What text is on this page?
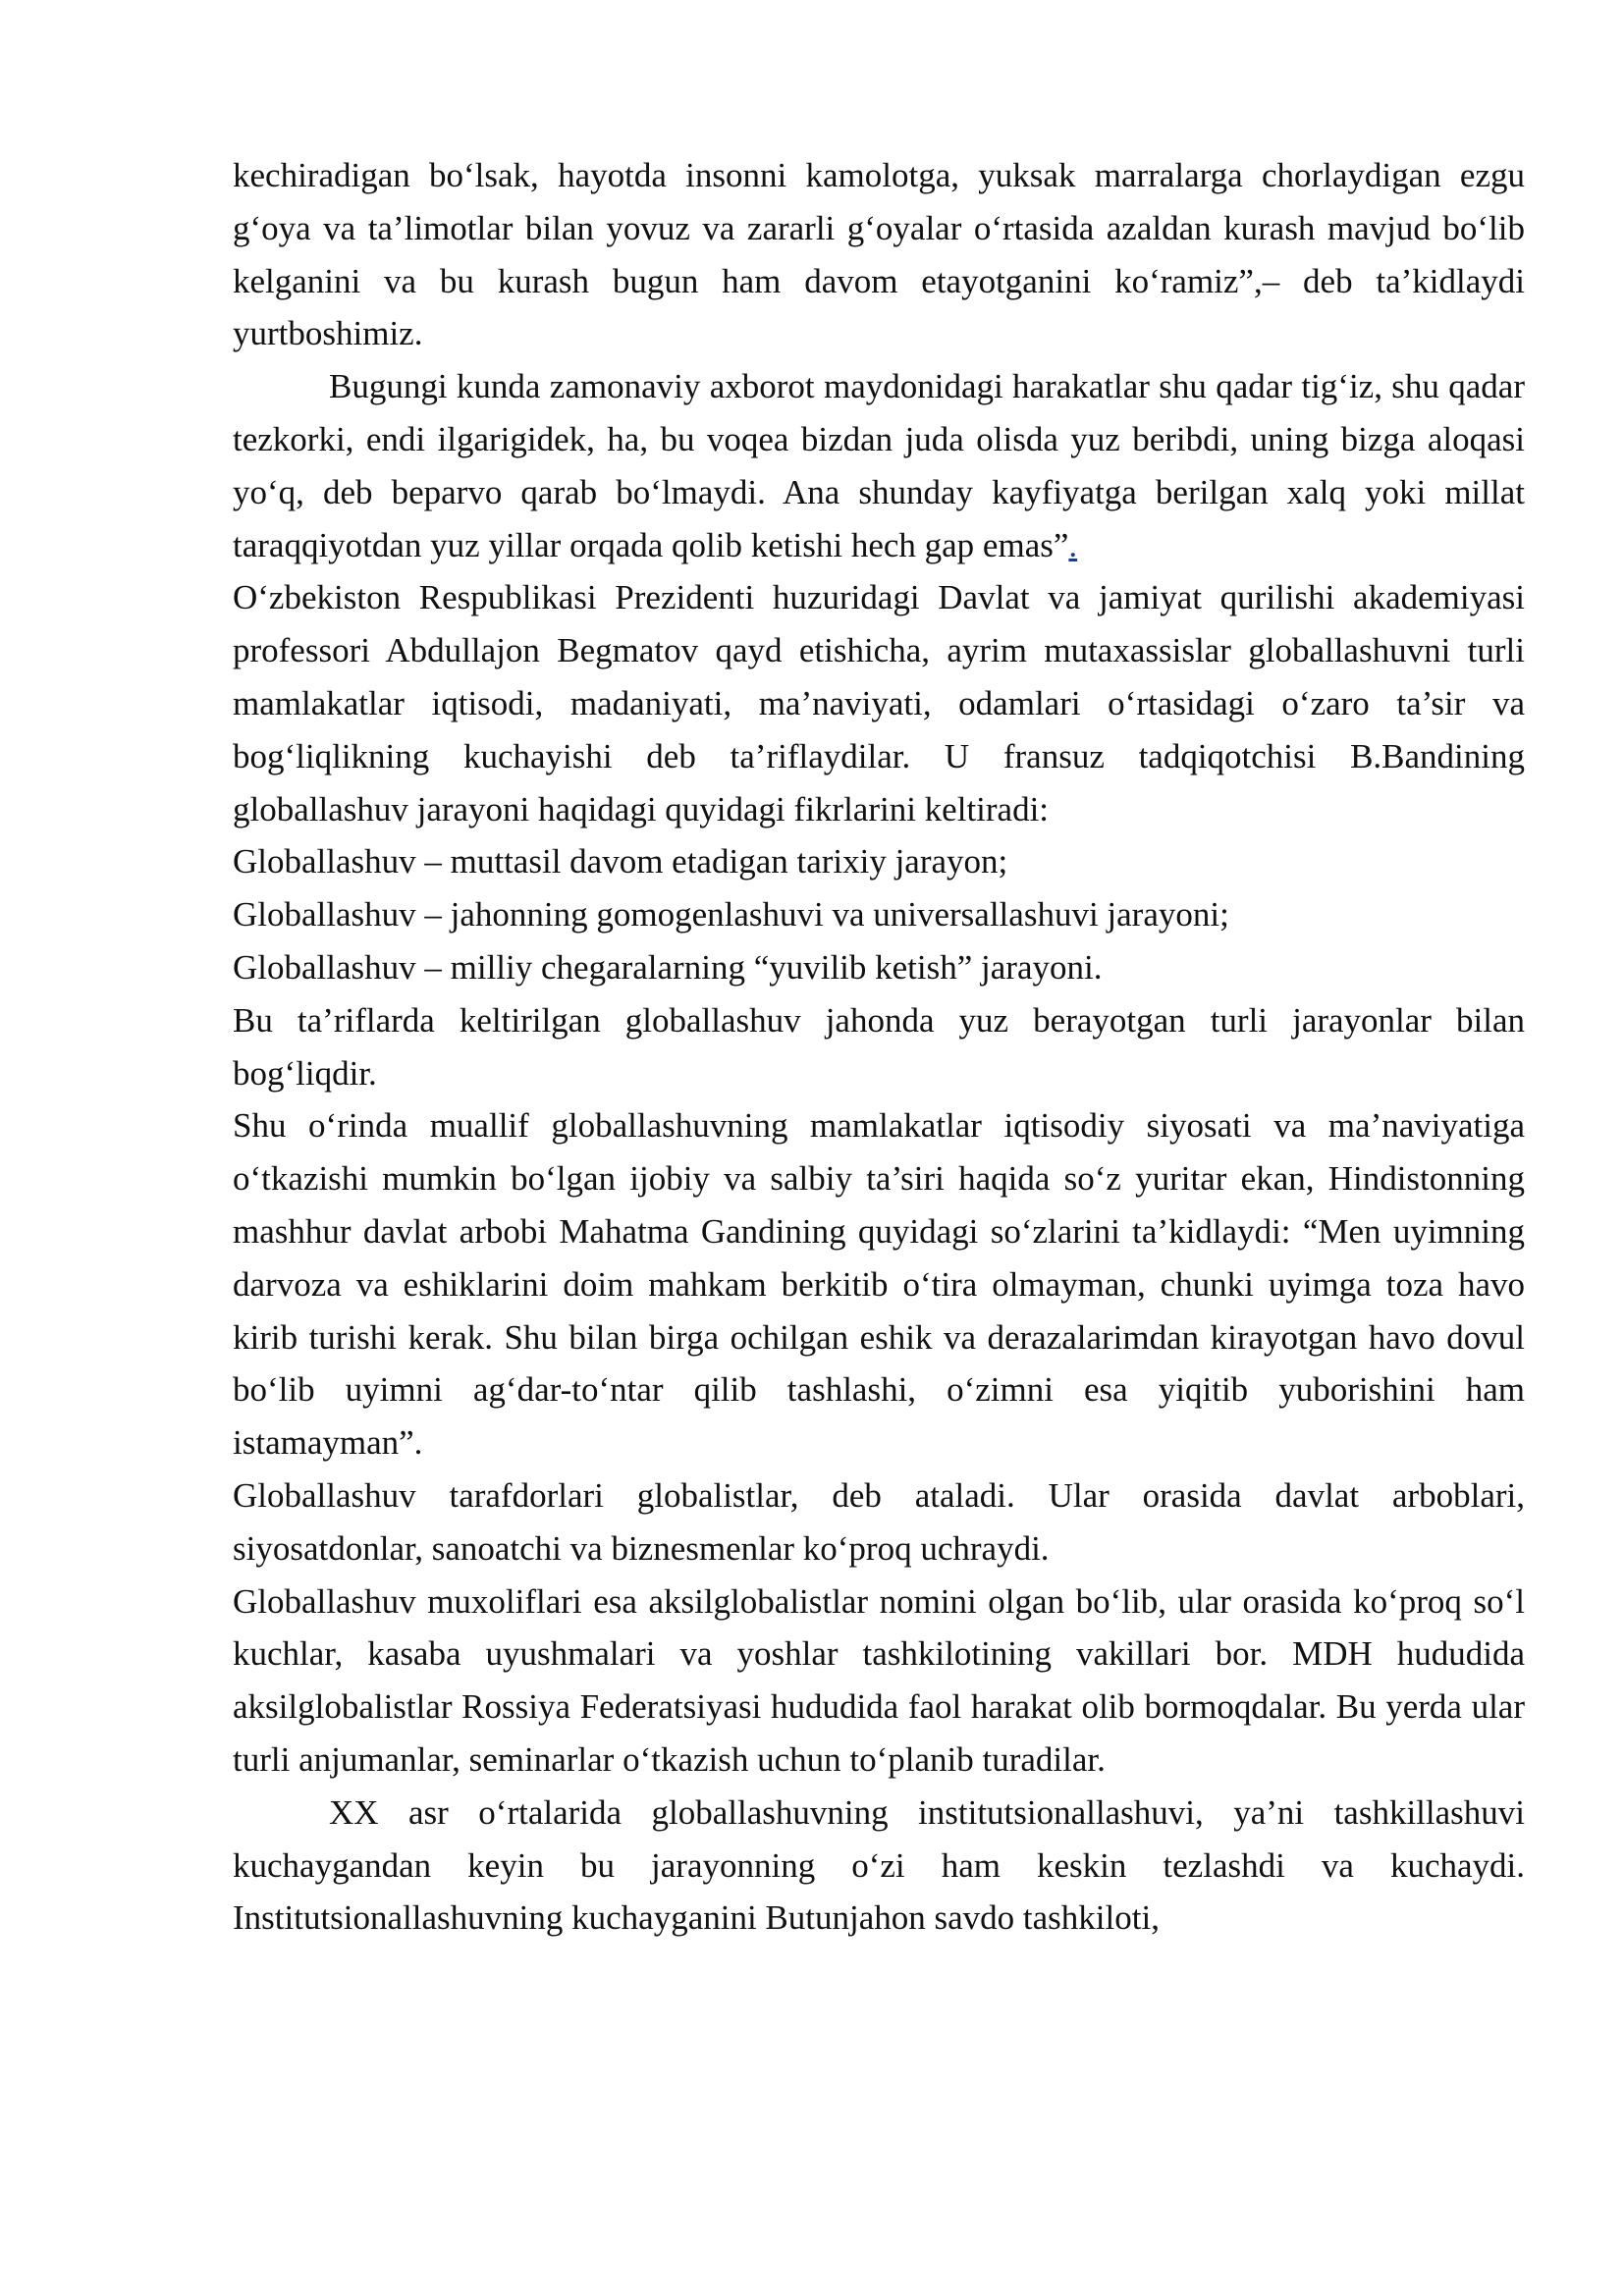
kechiradigan bo‘lsak, hayotda insonni kamolotga, yuksak marralarga chorlaydigan ezgu g‘oya va ta’limotlar bilan yovuz va zararli g‘oyalar o‘rtasida azaldan kurash mavjud bo‘lib kelganini va bu kurash bugun ham davom etayotganini ko‘ramiz”,– deb ta’kidlaydi yurtboshimiz.

Bugungi kunda zamonaviy axborot maydonidagi harakatlar shu qadar tig‘iz, shu qadar tezkorki, endi ilgarigidek, ha, bu voqea bizdan juda olisda yuz beribdi, uning bizga aloqasi yo‘q, deb beparvo qarab bo‘lmaydi. Ana shunday kayfiyatga berilgan xalq yoki millat taraqqiyotdan yuz yillar orqada qolib ketishi hech gap emas”.

O‘zbekiston Respublikasi Prezidenti huzuridagi Davlat va jamiyat qurilishi akademiyasi professori Abdullajon Begmatov qayd etishicha, ayrim mutaxassislar globallashuvni turli mamlakatlar iqtisodi, madaniyati, ma’naviyati, odamlari o‘rtasidagi o‘zaro ta’sir va bog‘liqlikning kuchayishi deb ta’riflaydilar. U fransuz tadqiqotchisi B.Bandining globallashuv jarayoni haqidagi quyidagi fikrlarini keltiradi:

Globallashuv – muttasil davom etadigan tarixiy jarayon;

Globallashuv – jahonning gomogenlashuvi va universallashuvi jarayoni;

Globallashuv – milliy chegaralarning “yuvilib ketish” jarayoni.

Bu ta’riflarda keltirilgan globallashuv jahonda yuz berayotgan turli jarayonlar bilan bog‘liqdir.

Shu o‘rinda muallif globallashuvning mamlakatlar iqtisodiy siyosati va ma’naviyatiga o‘tkazishi mumkin bo‘lgan ijobiy va salbiy ta’siri haqida so‘z yuritar ekan, Hindistonning mashhur davlat arbobi Mahatma Gandining quyidagi so‘zlarini ta’kidlaydi: “Men uyimning darvoza va eshiklarini doim mahkam berkitib o‘tira olmayman, chunki uyimga toza havo kirib turishi kerak. Shu bilan birga ochilgan eshik va derazalarimdan kirayotgan havo dovul bo‘lib uyimni ag‘dar-to‘ntar qilib tashlashi, o‘zimni esa yiqitib yuborishini ham istamayman”.

Globallashuv tarafdorlari globalistlar, deb ataladi. Ular orasida davlat arboblari, siyosatdonlar, sanoatchi va biznesmenlar ko‘proq uchraydi.

Globallashuv muxoliflari esa aksilglobalistlar nomini olgan bo‘lib, ular orasida ko‘proq so‘l kuchlar, kasaba uyushmalari va yoshlar tashkilotining vakillari bor. MDH hududida aksilglobalistlar Rossiya Federatsiyasi hududida faol harakat olib bormoqdalar. Bu yerda ular turli anjumanlar, seminarlar o‘tkazish uchun to‘planib turadilar.

XX asr o‘rtalarida globallashuvning institutsionallashuvi, ya’ni tashkillashuvi kuchaygandan keyin bu jarayonning o‘zi ham keskin tezlashdi va kuchaydi. Institutsionallashuvning kuchayganini Butunjahon savdo tashkiloti,
